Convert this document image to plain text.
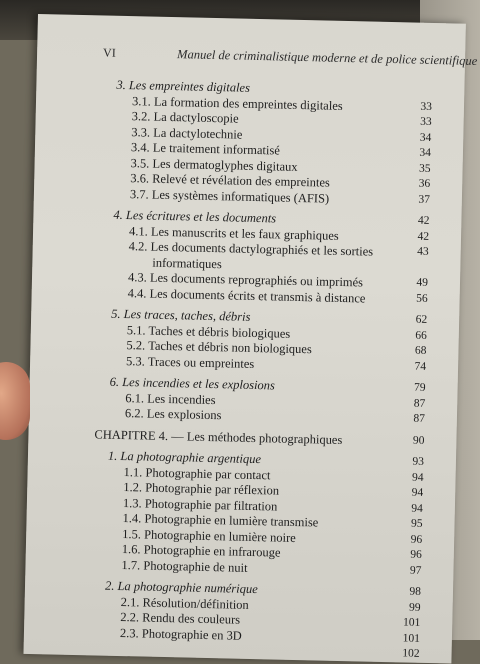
VI	Manuel de criminalistique moderne et de police scientifique
3. Les empreintes digitales
3.1. La formation des empreintes digitales	33
3.2. La dactyloscopie	33
3.3. La dactylotechnie	34
3.4. Le traitement informatisé	34
3.5. Les dermatoglyphes digitaux	35
3.6. Relevé et révélation des empreintes	36
3.7. Les systèmes informatiques (AFIS)	37
4. Les écritures et les documents	42
4.1. Les manuscrits et les faux graphiques	42
4.2. Les documents dactylographiés et les sorties	43
informatiques
4.3. Les documents reprographiés ou imprimés	49
4.4. Les documents écrits et transmis à distance	56
5. Les traces, taches, débris	62
5.1. Taches et débris biologiques	66
5.2. Taches et débris non biologiques	68
5.3. Traces ou empreintes	74
6. Les incendies et les explosions	79
6.1. Les incendies	87
6.2. Les explosions	87
CHAPITRE 4. — Les méthodes photographiques	90
1. La photographie argentique	93
1.1. Photographie par contact	94
1.2. Photographie par réflexion	94
1.3. Photographie par filtration	94
1.4. Photographie en lumière transmise	95
1.5. Photographie en lumière noire	96
1.6. Photographie en infrarouge	96
1.7. Photographie de nuit	97
2. La photographie numérique	98
2.1. Résolution/définition	99
2.2. Rendu des couleurs	101
2.3. Photographie en 3D	101
102
